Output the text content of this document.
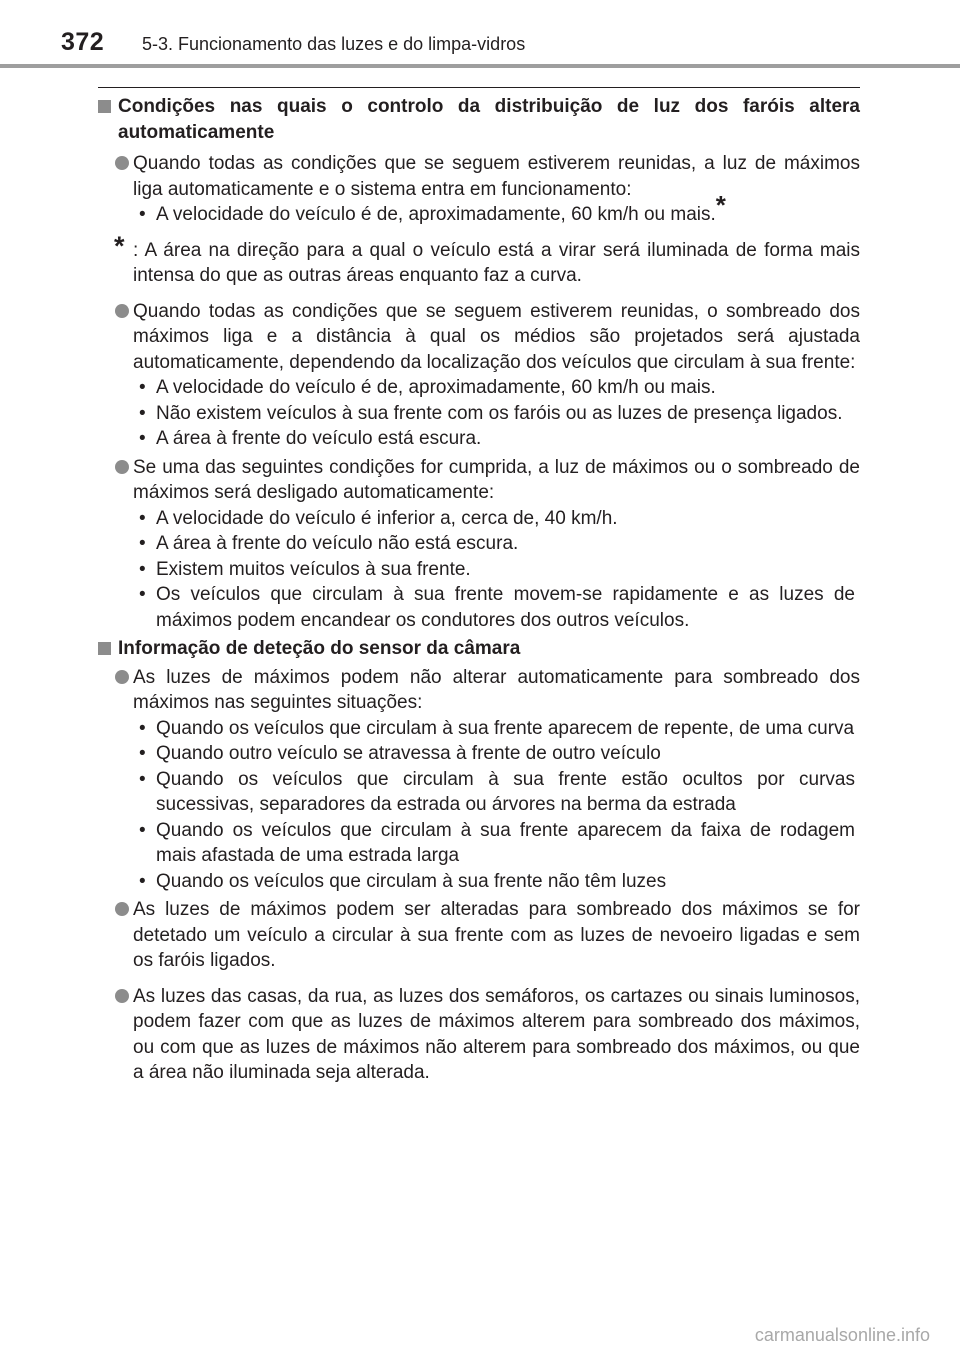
372 5-3. Funcionamento das luzes e do limpa-vidros
Condições nas quais o controlo da distribuição de luz dos faróis altera automaticamente
Quando todas as condições que se seguem estiverem reunidas, a luz de máximos liga automaticamente e o sistema entra em funcionamento:
• A velocidade do veículo é de, aproximadamente, 60 km/h ou mais.*
* : A área na direção para a qual o veículo está a virar será iluminada de forma mais intensa do que as outras áreas enquanto faz a curva.
Quando todas as condições que se seguem estiverem reunidas, o sombreado dos máximos liga e a distância à qual os médios são projetados será ajustada automaticamente, dependendo da localização dos veículos que circulam à sua frente:
• A velocidade do veículo é de, aproximadamente, 60 km/h ou mais.
• Não existem veículos à sua frente com os faróis ou as luzes de presença ligados.
• A área à frente do veículo está escura.
Se uma das seguintes condições for cumprida, a luz de máximos ou o sombreado de máximos será desligado automaticamente:
• A velocidade do veículo é inferior a, cerca de, 40 km/h.
• A área à frente do veículo não está escura.
• Existem muitos veículos à sua frente.
• Os veículos que circulam à sua frente movem-se rapidamente e as luzes de máximos podem encandear os condutores dos outros veículos.
Informação de deteção do sensor da câmara
As luzes de máximos podem não alterar automaticamente para sombreado dos máximos nas seguintes situações:
• Quando os veículos que circulam à sua frente aparecem de repente, de uma curva
• Quando outro veículo se atravessa à frente de outro veículo
• Quando os veículos que circulam à sua frente estão ocultos por curvas sucessivas, separadores da estrada ou árvores na berma da estrada
• Quando os veículos que circulam à sua frente aparecem da faixa de rodagem mais afastada de uma estrada larga
• Quando os veículos que circulam à sua frente não têm luzes
As luzes de máximos podem ser alteradas para sombreado dos máximos se for detetado um veículo a circular à sua frente com as luzes de nevoeiro ligadas e sem os faróis ligados.
As luzes das casas, da rua, as luzes dos semáforos, os cartazes ou sinais luminosos, podem fazer com que as luzes de máximos alterem para sombreado dos máximos, ou com que as luzes de máximos não alterem para sombreado dos máximos, ou que a área não iluminada seja alterada.
carmanualsonline.info
